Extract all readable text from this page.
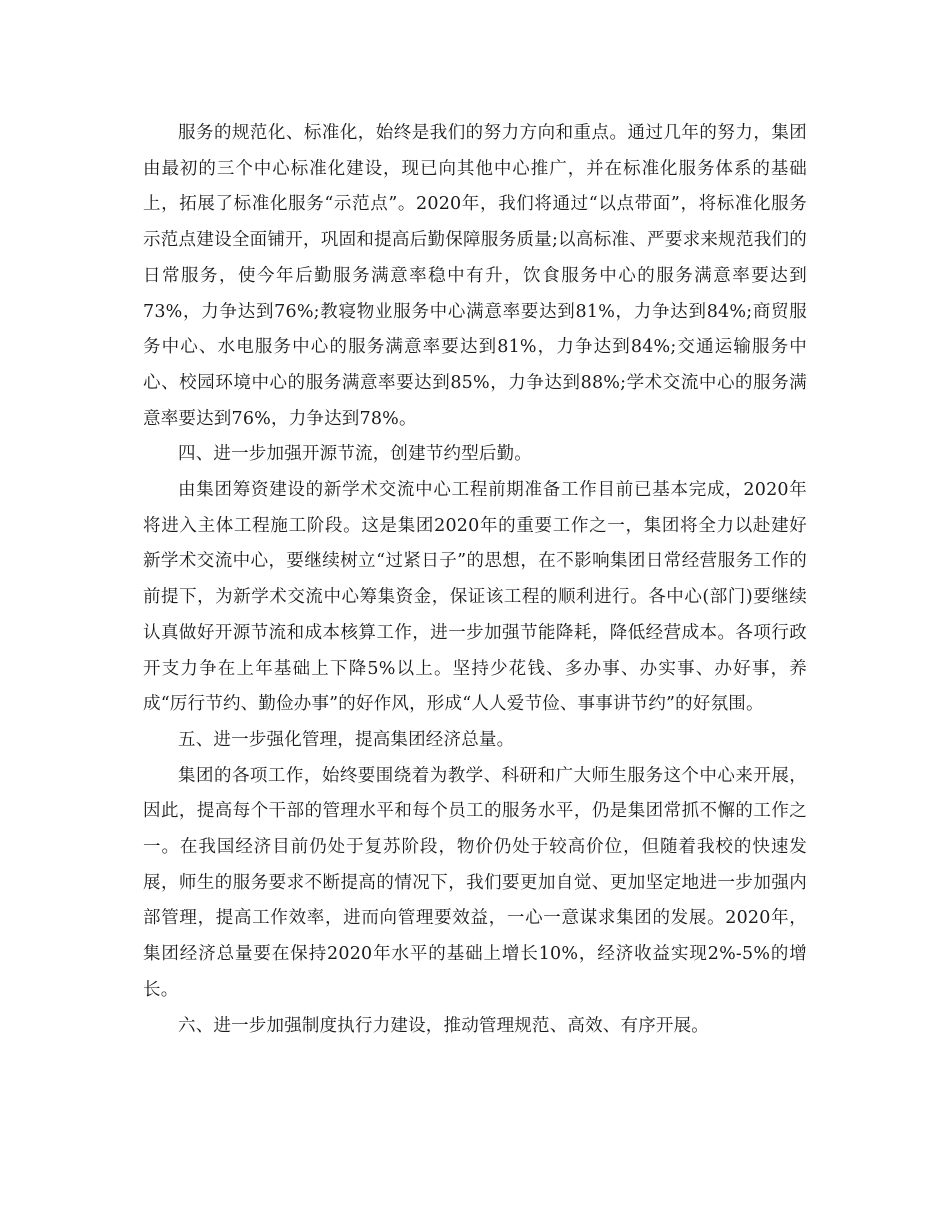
服务的规范化、标准化，始终是我们的努力方向和重点。通过几年的努力，集团由最初的三个中心标准化建设，现已向其他中心推广，并在标准化服务体系的基础上，拓展了标准化服务“示范点”。2020年，我们将通过“以点带面”，将标准化服务示范点建设全面铺开，巩固和提高后勤保障服务质量;以高标准、严要求来规范我们的日常服务，使今年后勤服务满意率稳中有升，饮食服务中心的服务满意率要达到73%，力争达到76%;教寝物业服务中心满意率要达到81%，力争达到84%;商贸服务中心、水电服务中心的服务满意率要达到81%，力争达到84%;交通运输服务中心、校园环境中心的服务满意率要达到85%，力争达到88%;学术交流中心的服务满意率要达到76%，力争达到78%。

四、进一步加强开源节流，创建节约型后勤。

由集团筹资建设的新学术交流中心工程前期准备工作目前已基本完成，2020年将进入主体工程施工阶段。这是集团2020年的重要工作之一，集团将全力以赴建好新学术交流中心，要继续树立“过紧日子”的思想，在不影响集团日常经营服务工作的前提下，为新学术交流中心筹集资金，保证该工程的顺利进行。各中心(部门)要继续认真做好开源节流和成本核算工作，进一步加强节能降耗，降低经营成本。各项行政开支力争在上年基础上下降5%以上。坚持少花钱、多办事、办实事、办好事，养成“厉行节约、勤俭办事”的好作风，形成“人人爱节俭、事事讲节约”的好氛围。

五、进一步强化管理，提高集团经济总量。

集团的各项工作，始终要围绕着为教学、科研和广大师生服务这个中心来开展，因此，提高每个干部的管理水平和每个员工的服务水平，仍是集团常抓不懈的工作之一。在我国经济目前仍处于复苏阶段，物价仍处于较高价位，但随着我校的快速发展，师生的服务要求不断提高的情况下，我们要更加自觉、更加坚定地进一步加强内部管理，提高工作效率，进而向管理要效益，一心一意谋求集团的发展。2020年，集团经济总量要在保持2020年水平的基础上增长10%，经济收益实现2%-5%的增长。

六、进一步加强制度执行力建设，推动管理规范、高效、有序开展。
